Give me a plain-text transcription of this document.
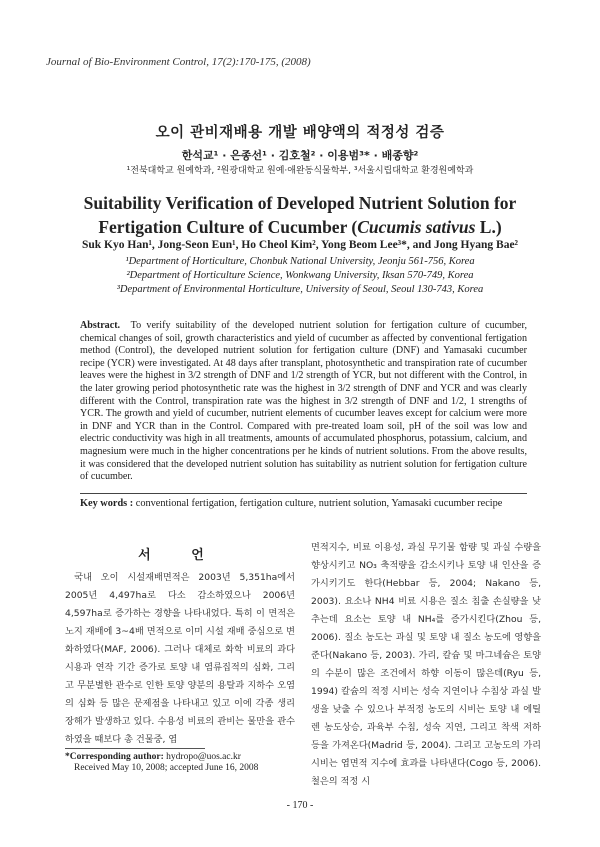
Journal of Bio-Environment Control, 17(2):170-175, (2008)
오이 관비재배용 개발 배양액의 적정성 검증
한석교¹ · 은종선¹ · 김호철² · 이용범³* · 배종향²
¹전북대학교 원예학과, ²원광대학교 원예·애완동식물학부, ³서울시립대학교 환경원예학과
Suitability Verification of Developed Nutrient Solution for
Fertigation Culture of Cucumber (Cucumis sativus L.)
Suk Kyo Han¹, Jong-Seon Eun¹, Ho Cheol Kim², Yong Beom Lee³*, and Jong Hyang Bae²
¹Department of Horticulture, Chonbuk National University, Jeonju 561-756, Korea
²Department of Horticulture Science, Wonkwang University, Iksan 570-749, Korea
³Department of Environmental Horticulture, University of Seoul, Seoul 130-743, Korea
Abstract. To verify suitability of the developed nutrient solution for fertigation culture of cucumber, chemical changes of soil, growth characteristics and yield of cucumber as affected by conventional fertigation method (Control), the developed nutrient solution for fertigation culture (DNF) and Yamasaki cucumber recipe (YCR) were investigated. At 48 days after transplant, photosynthetic and transpiration rate of cucumber leaves were the highest in 3/2 strength of DNF and 1/2 strength of YCR, but not different with the Control, in the later growing period photosynthetic rate was the highest in 3/2 strength of DNF and YCR and was clearly different with the Control, transpiration rate was the highest in 3/2 strength of DNF and 1/2, 1 strengths of YCR. The growth and yield of cucumber, nutrient elements of cucumber leaves except for calcium were more in DNF and YCR than in the Control. Compared with pre-treated loam soil, pH of the soil was low and electric conductivity was high in all treatments, amounts of accumulated phosphorus, potassium, calcium, and magnesium were much in the higher concentrations per he kinds of nutrient solutions. From the above results, it was considered that the developed nutrient solution has suitability as nutrient solution for fertigation culture of cucumber.
Key words : conventional fertigation, fertigation culture, nutrient solution, Yamasaki cucumber recipe
서 언
국내 오이 시설재배면적은 2003년 5,351ha에서 2005년 4,497ha로 다소 감소하였으나 2006년 4,597ha로 증가하는 경향을 나타내었다. 특히 이 면적은 노지 재배에 3~4배 면적으로 이미 시설 재배 중심으로 변화하였다(MAF, 2006). 그러나 대체로 화학 비료의 과다 시용과 연작 기간 증가로 토양 내 염류집적의 심화, 그리고 무분별한 관수로 인한 토양 양분의 용탈과 지하수 오염의 심화 등 많은 문제점을 나타내고 있고 이에 각종 생리장해가 발생하고 있다. 수용성 비료의 관비는 물만을 관수하였을 때보다 총 건물중, 엽
면적지수, 비료 이용성, 과실 무기물 함량 및 과실 수량을 향상시키고 NO₃ 축적량을 감소시키나 토양 내 인산을 증가시키기도 한다(Hebbar 등, 2004; Nakano 등, 2003). 요소나 NH4 비료 시용은 질소 침출 손실량을 낮추는데 요소는 토양 내 NH₄를 증가시킨다(Zhou 등, 2006). 질소 농도는 과실 및 토양 내 질소 농도에 영향을 준다(Nakano 등, 2003). 가리, 칼슘 및 마그네슘은 토양의 수분이 많은 조건에서 하향 이동이 많은데(Ryu 등, 1994) 칼슘의 적정 시비는 성숙 지연이나 수침상 과실 발생을 낮출 수 있으나 부적정 농도의 시비는 토양 내 에틸렌 농도상승, 과육부 수침, 성숙 지연, 그리고 착색 저하 등을 가져온다(Madrid 등, 2004). 그리고 고농도의 가리 시비는 엽면적 지수에 효과를 나타낸다(Cogo 등, 2006). 철은의 적정 시
*Corresponding author: hydropo@uos.ac.kr
Received May 10, 2008; accepted June 16, 2008
- 170 -
